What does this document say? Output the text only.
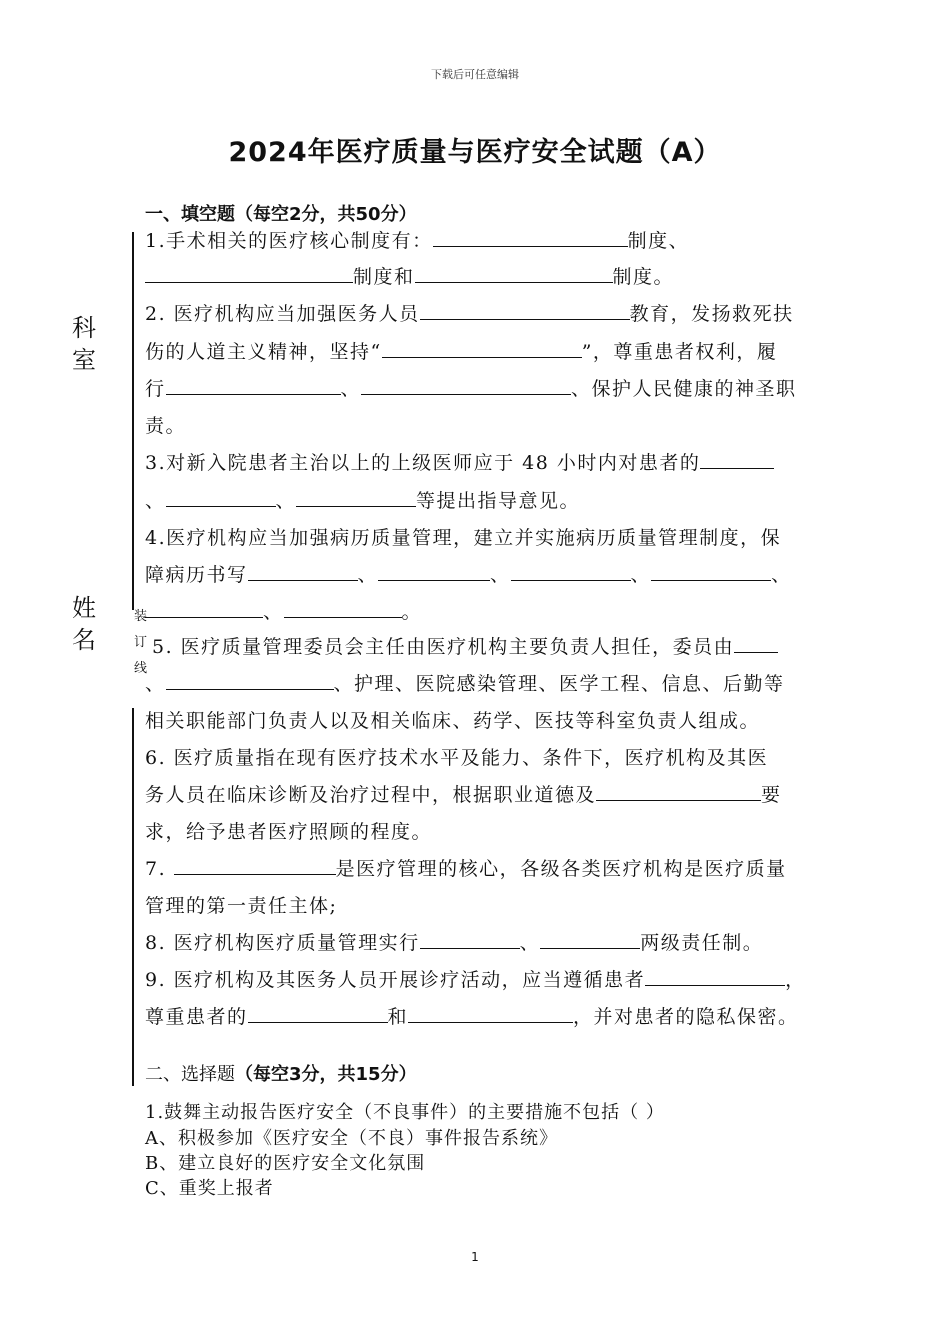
下载后可任意编辑
2024年医疗质量与医疗安全试题（A）
科
室
姓
名
装
订
线
一、填空题（每空2分，共50分）
1.手术相关的医疗核心制度有：	制度、
制度和	制度。
2. 医疗机构应当加强医务人员	教育，发扬救死扶
伤的人道主义精神，坚持“	”，尊重患者权利，履
行	、	、保护人民健康的神圣职
责。
3.对新入院患者主治以上的上级医师应于 48 小时内对患者的
、	、	等提出指导意见。
4.医疗机构应当加强病历质量管理，建立并实施病历质量管理制度，保
障病历书写	、	、	、	、
、	。
5. 医疗质量管理委员会主任由医疗机构主要负责人担任，委员由
、	、护理、医院感染管理、医学工程、信息、后勤等
相关职能部门负责人以及相关临床、药学、医技等科室负责人组成。
6. 医疗质量指在现有医疗技术水平及能力、条件下，医疗机构及其医
务人员在临床诊断及治疗过程中，根据职业道德及	要
求，给予患者医疗照顾的程度。
7.	是医疗管理的核心，各级各类医疗机构是医疗质量
管理的第一责任主体;
8. 医疗机构医疗质量管理实行	、	两级责任制。
9. 医疗机构及其医务人员开展诊疗活动，应当遵循患者	，
尊重患者的	和	，并对患者的隐私保密。
二、选择题（每空3分，共15分）
1.鼓舞主动报告医疗安全（不良事件）的主要措施不包括（ ）
A、积极参加《医疗安全（不良）事件报告系统》
B、建立良好的医疗安全文化氛围
C、重奖上报者
1
